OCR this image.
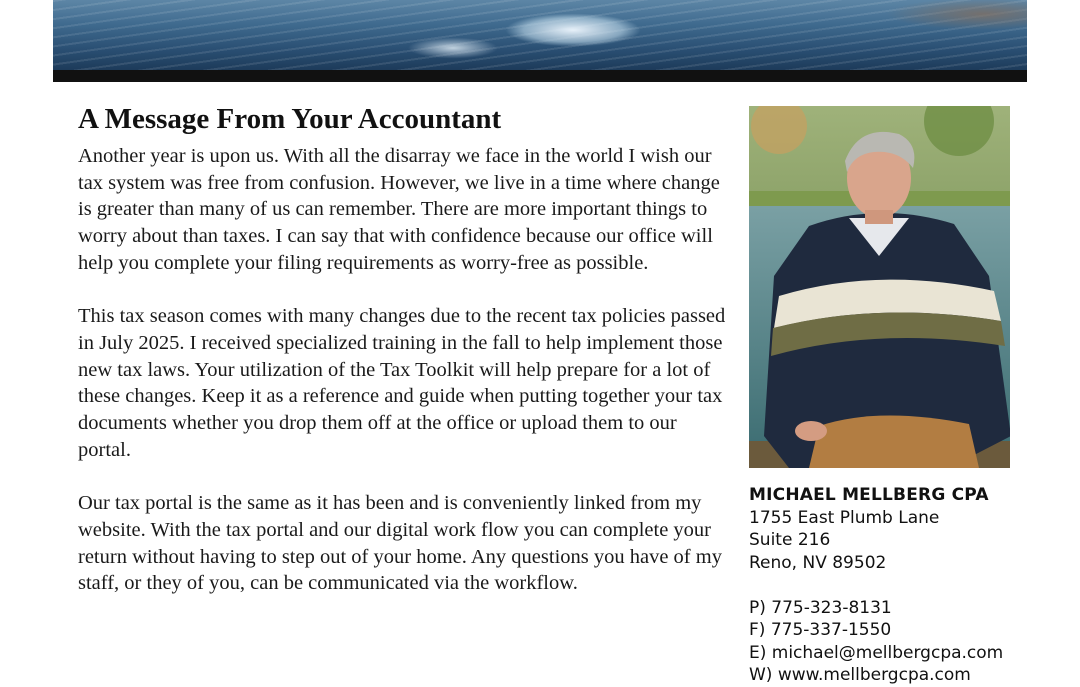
A Message From Your Accountant

Another year is upon us. With all the disarray we face in the world I wish our tax system was free from confusion. However, we live in a time where change is greater than many of us can remember. There are more important things to worry about than taxes. I can say that with confidence because our office will help you complete your filing requirements as worry-free as possible.

This tax season comes with many changes due to the recent tax policies passed in July 2025. I received specialized training in the fall to help implement those new tax laws. Your utilization of the Tax Toolkit will help prepare for a lot of these changes. Keep it as a reference and guide when putting together your tax documents whether you drop them off at the office or upload them to our portal.

Our tax portal is the same as it has been and is conveniently linked from my website. With the tax portal and our digital work flow you can complete your return without having to step out of your home. Any questions you have of my staff, or they of you, can be communicated via the workflow.

MICHAEL MELLBERG CPA
1755 East Plumb Lane
Suite 216
Reno, NV 89502
P) 775-323-8131
F) 775-337-1550
E) michael@mellbergcpa.com
W) www.mellbergcpa.com
